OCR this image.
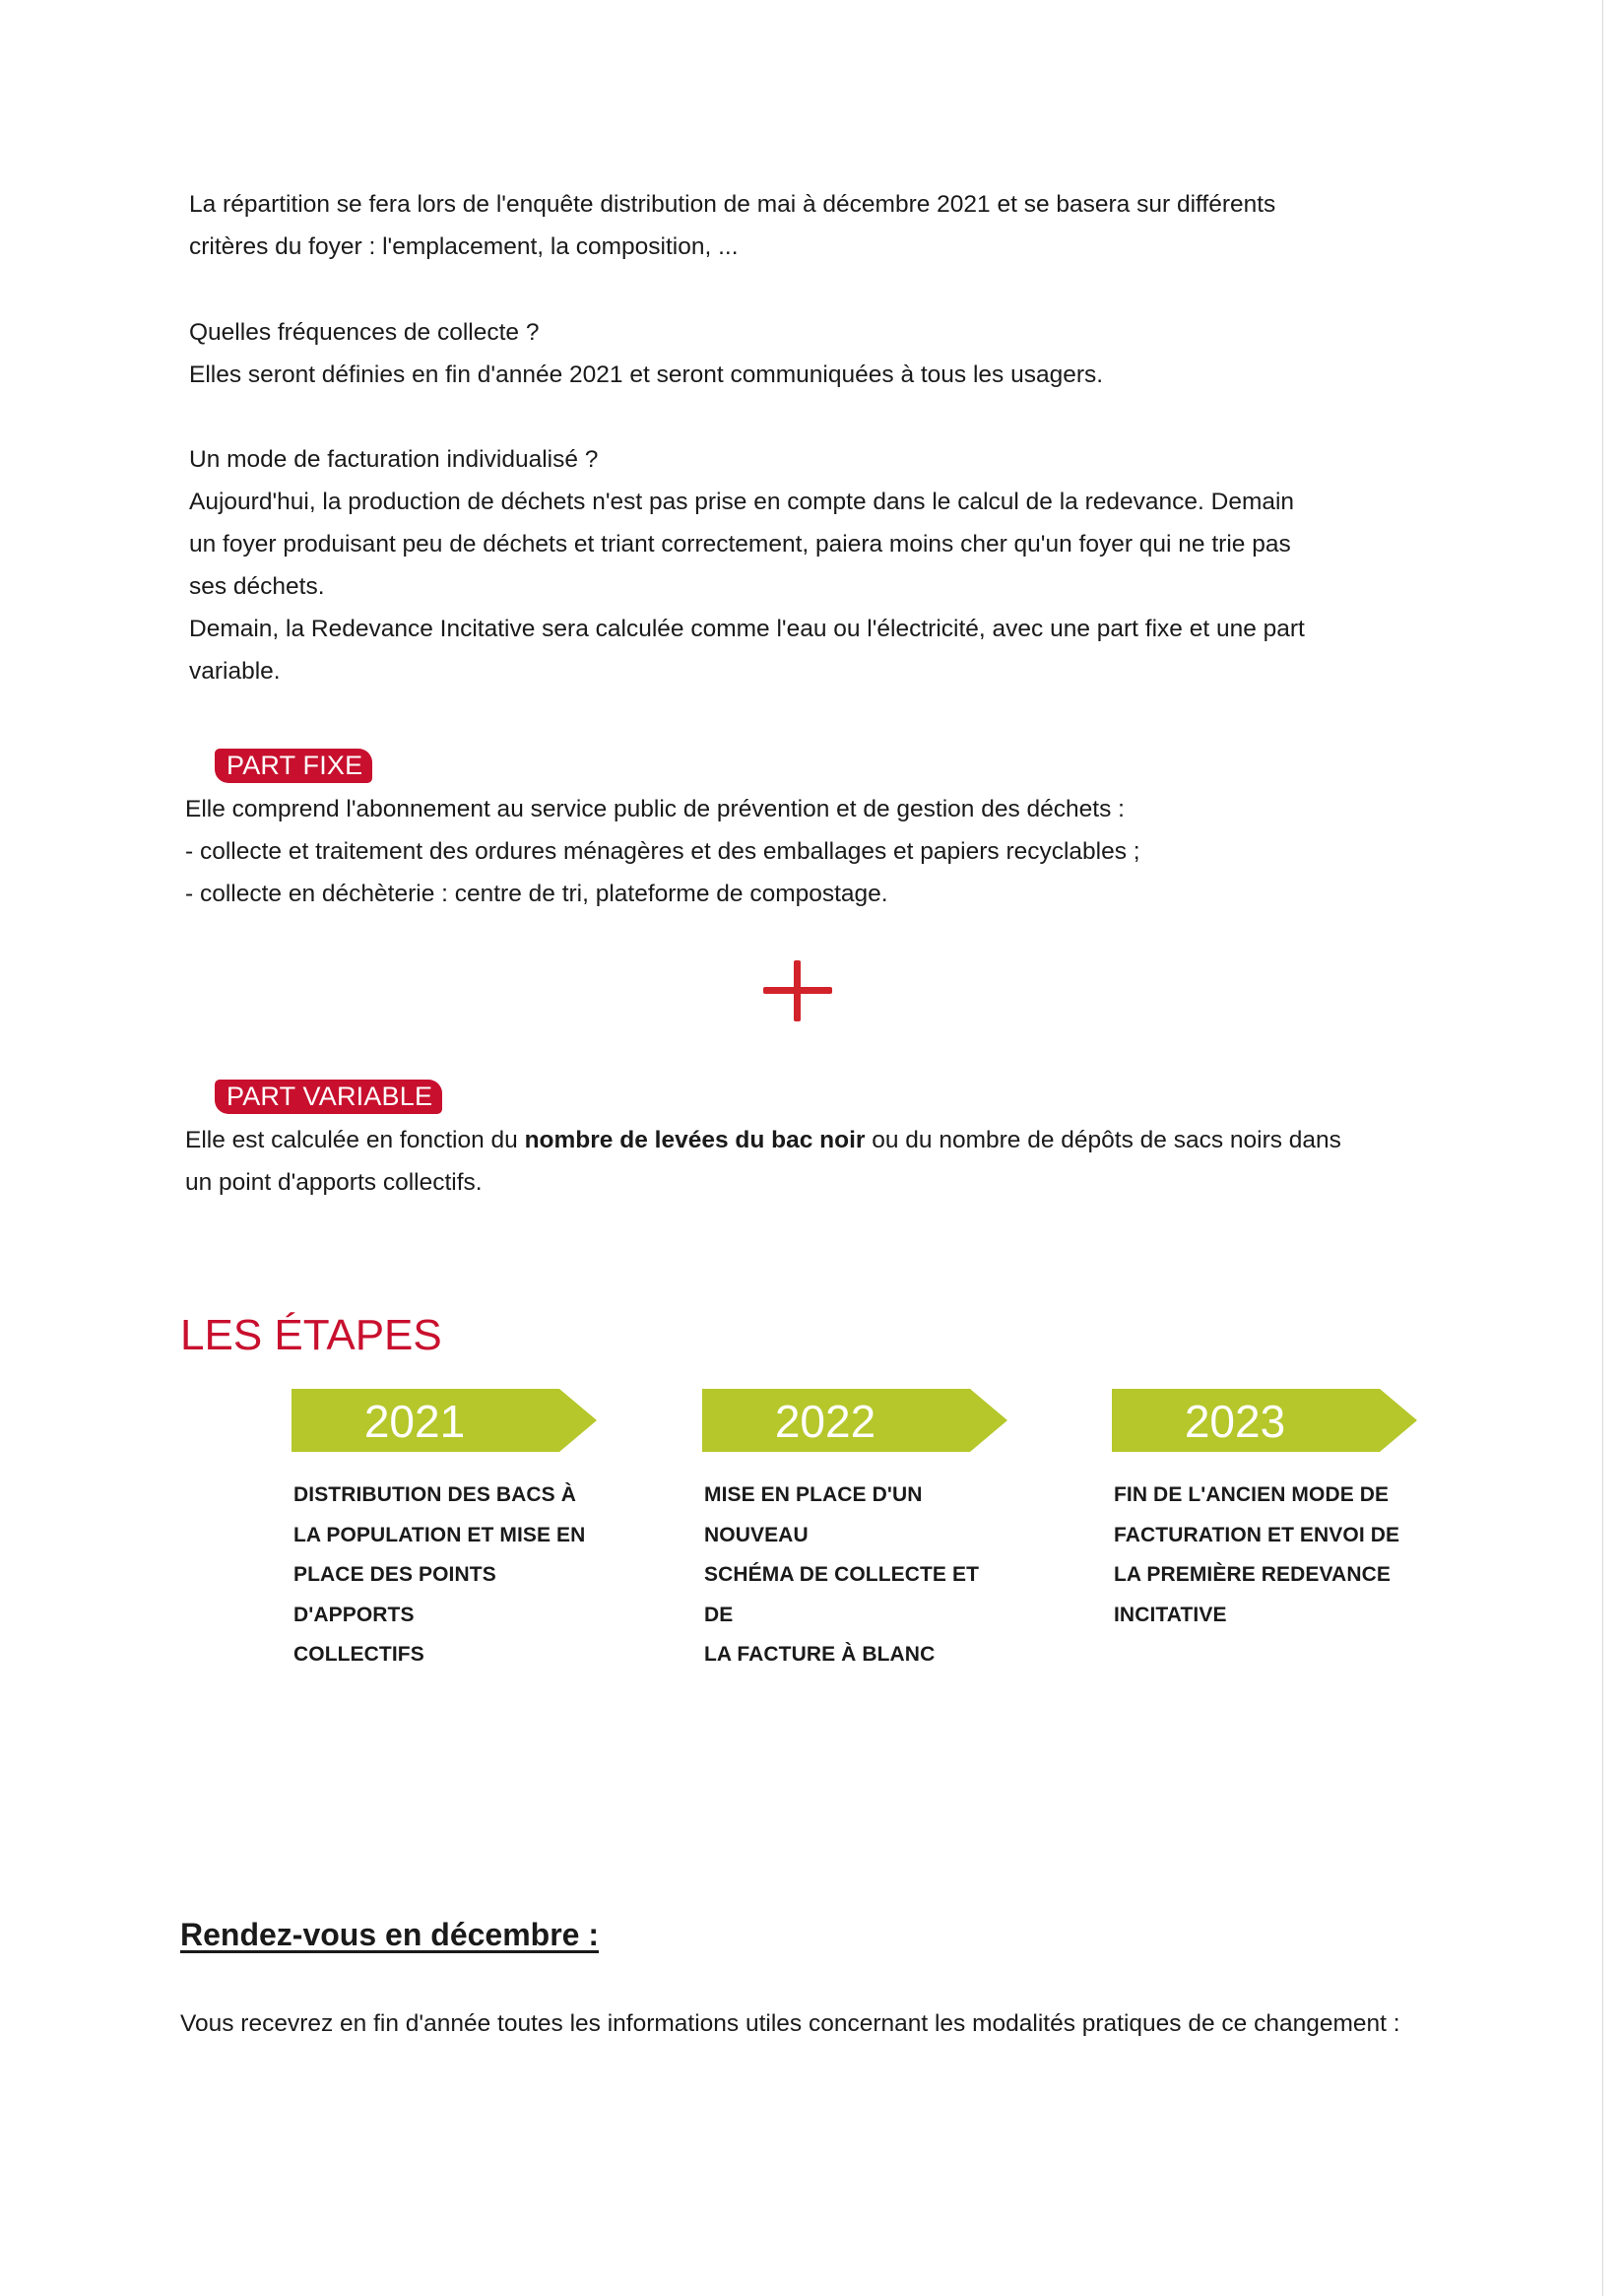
La répartition se fera lors de l'enquête distribution de mai à décembre 2021 et se basera sur différents

critères du foyer : l'emplacement, la composition, ...

Quelles fréquences de collecte ?

Elles seront définies en fin d'année 2021 et seront communiquées à tous les usagers.

Un mode de facturation individualisé ?

Aujourd'hui, la production de déchets n'est pas prise en compte dans le calcul de la redevance. Demain

un foyer produisant peu de déchets et triant correctement, paiera moins cher qu'un foyer qui ne trie pas

ses déchets.

Demain, la Redevance Incitative sera calculée comme l'eau ou l'électricité, avec une part fixe et une part

variable.

PART FIXE

Elle comprend l'abonnement au service public de prévention et de gestion des déchets :

- collecte et traitement des ordures ménagères et des emballages et papiers recyclables ;

- collecte en déchèterie : centre de tri, plateforme de compostage.

PART VARIABLE

Elle est calculée en fonction du nombre de levées du bac noir ou du nombre de dépôts de sacs noirs dans

un point d'apports collectifs.

LES ÉTAPES
2021
DISTRIBUTION DES BACS À
LA POPULATION ET MISE EN
PLACE DES POINTS D'APPORTS
COLLECTIFS
2022
MISE EN PLACE D'UN NOUVEAU
SCHÉMA DE COLLECTE ET DE
LA FACTURE À BLANC
2023
FIN DE L'ANCIEN MODE DE
FACTURATION ET ENVOI DE
LA PREMIÈRE REDEVANCE
INCITATIVE
Rendez-vous en décembre :
Vous recevrez en fin d'année toutes les informations utiles concernant les modalités pratiques de ce changement :
